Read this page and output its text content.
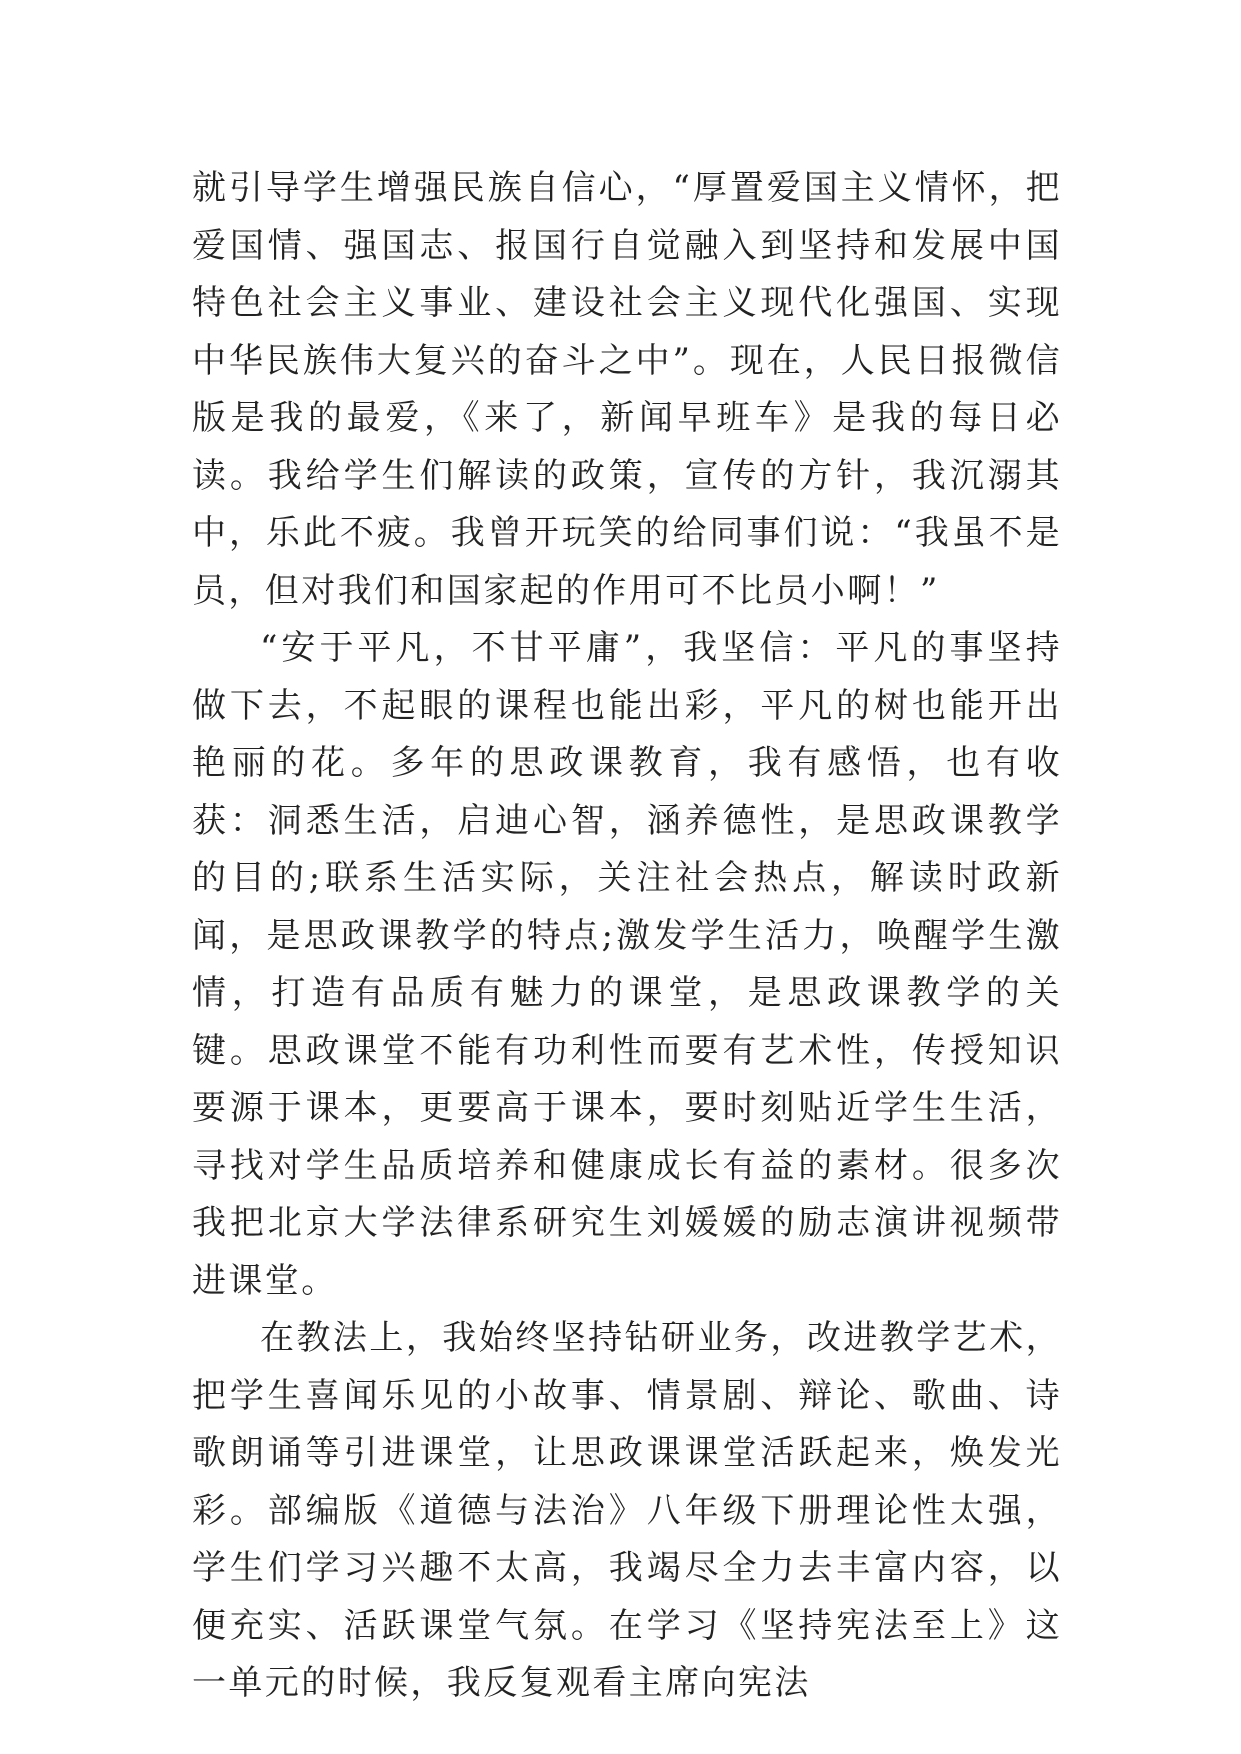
就引导学生增强民族自信心，“厚置爱国主义情怀，把爱国情、强国志、报国行自觉融入到坚持和发展中国特色社会主义事业、建设社会主义现代化强国、实现中华民族伟大复兴的奋斗之中”。现在，人民日报微信版是我的最爱，《来了，新闻早班车》是我的每日必读。我给学生们解读的政策，宣传的方针，我沉溺其中，乐此不疲。我曾开玩笑的给同事们说：“我虽不是员，但对我们和国家起的作用可不比员小啊！”

“安于平凡，不甘平庸”，我坚信：平凡的事坚持做下去，不起眼的课程也能出彩，平凡的树也能开出艳丽的花。多年的思政课教育，我有感悟，也有收获：洞悉生活，启迪心智，涵养德性，是思政课教学的目的;联系生活实际，关注社会热点，解读时政新闻，是思政课教学的特点;激发学生活力，唤醒学生激情，打造有品质有魅力的课堂，是思政课教学的关键。思政课堂不能有功利性而要有艺术性，传授知识要源于课本，更要高于课本，要时刻贴近学生生活，寻找对学生品质培养和健康成长有益的素材。很多次我把北京大学法律系研究生刘媛媛的励志演讲视频带进课堂。

在教法上，我始终坚持钻研业务，改进教学艺术，把学生喜闻乐见的小故事、情景剧、辩论、歌曲、诗歌朗诵等引进课堂，让思政课课堂活跃起来，焕发光彩。部编版《道德与法治》八年级下册理论性太强，学生们学习兴趣不太高，我竭尽全力去丰富内容，以便充实、活跃课堂气氛。在学习《坚持宪法至上》这一单元的时候，我反复观看主席向宪法
